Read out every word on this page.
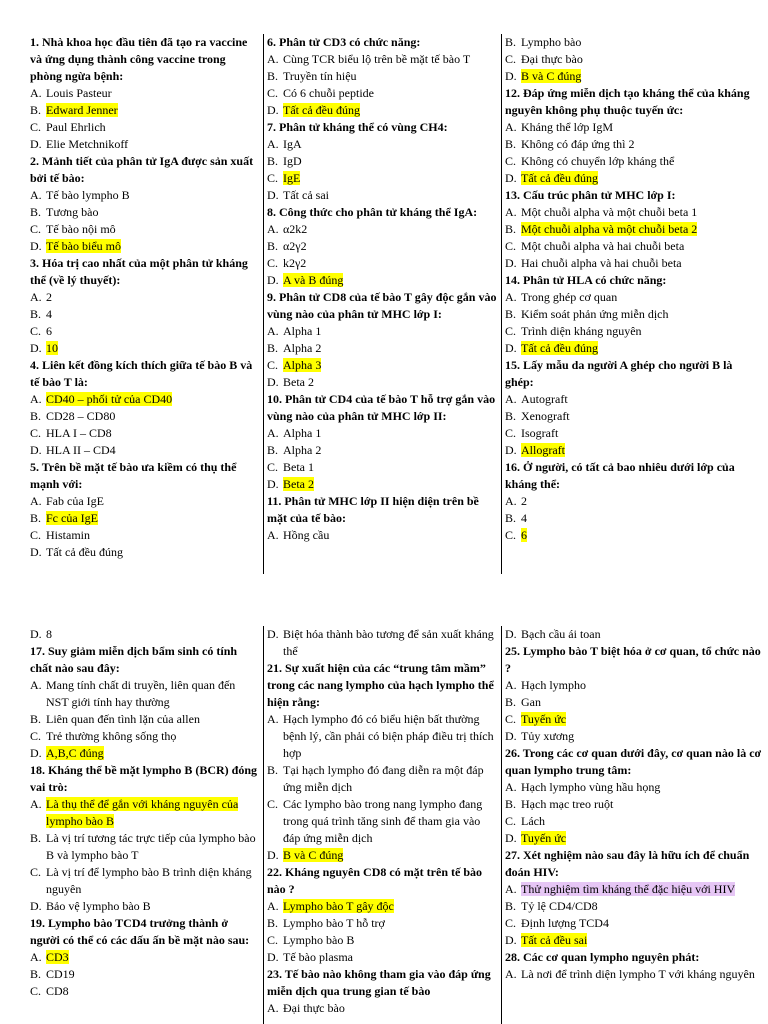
1. Nhà khoa học đầu tiên đã tạo ra vaccine và ứng dụng thành công vaccine trong phòng ngừa bệnh:
A. Louis Pasteur
B. Edward Jenner
C. Paul Ehrlich
D. Elie Metchnikoff
2. Mảnh tiết của phân tử IgA được sản xuất bởi tế bào:
A. Tế bào lympho B
B. Tương bào
C. Tế bào nội mô
D. Tế bào biểu mô
3. Hóa trị cao nhất của một phân tử kháng thể (về lý thuyết):
A. 2
B. 4
C. 6
D. 10
4. Liên kết đồng kích thích giữa tế bào B và tế bào T là:
A. CD40 – phối tử của CD40
B. CD28 – CD80
C. HLA I – CD8
D. HLA II – CD4
5. Trên bề mặt tế bào ưa kiềm có thụ thể mạnh với:
A. Fab của IgE
B. Fc của IgE
C. Histamin
D. Tất cả đều đúng
6. Phân tử CD3 có chức năng:
A. Cùng TCR biểu lộ trên bề mặt tế bào T
B. Truyền tín hiệu
C. Có 6 chuỗi peptide
D. Tất cả đều đúng
7. Phân tử kháng thể có vùng CH4:
A. IgA
B. IgD
C. IgE
D. Tất cả sai
8. Công thức cho phân tử kháng thể IgA:
A. α2k2
B. α2γ2
C. k2γ2
D. A và B đúng
9. Phân tử CD8 của tế bào T gây độc gắn vào vùng nào của phân tử MHC lớp I:
A. Alpha 1
B. Alpha 2
C. Alpha 3
D. Beta 2
10. Phân tử CD4 của tế bào T hỗ trợ gắn vào vùng nào của phân tử MHC lớp II:
A. Alpha 1
B. Alpha 2
C. Beta 1
D. Beta 2
11. Phân tử MHC lớp II hiện diện trên bề mặt của tế bào:
A. Hồng cầu
B. Lympho bào
C. Đại thực bào
D. B và C đúng
12. Đáp ứng miễn dịch tạo kháng thể của kháng nguyên không phụ thuộc tuyến ức:
A. Kháng thể lớp IgM
B. Không có đáp ứng thì 2
C. Không có chuyển lớp kháng thể
D. Tất cả đều đúng
13. Cấu trúc phân tử MHC lớp I:
A. Một chuỗi alpha và một chuỗi beta 1
B. Một chuỗi alpha và một chuỗi beta 2
C. Một chuỗi alpha và hai chuỗi beta
D. Hai chuỗi alpha và hai chuỗi beta
14. Phân tử HLA có chức năng:
A. Trong ghép cơ quan
B. Kiểm soát phản ứng miễn dịch
C. Trình diện kháng nguyên
D. Tất cả đều đúng
15. Lấy mẫu da người A ghép cho người B là ghép:
A. Autograft
B. Xenograft
C. Isograft
D. Allograft
16. Ở người, có tất cả bao nhiêu dưới lớp của kháng thể:
A. 2
B. 4
C. 6
D. 8
17. Suy giảm miễn dịch bẩm sinh có tính chất nào sau đây:
A. Mang tính chất di truyền, liên quan đến NST giới tính hay thường
B. Liên quan đến tình lặn của allen
C. Trẻ thường không sống thọ
D. A,B,C đúng
18. Kháng thể bề mặt lympho B (BCR) đóng vai trò:
A. Là thụ thể để gắn với kháng nguyên của lympho bào B
B. Là vị trí tương tác trực tiếp của lympho bào B và lympho bào T
C. Là vị trí để lympho bào B trình diện kháng nguyên
D. Bảo vệ lympho bào B
19. Lympho bào TCD4 trưởng thành ở người có thể có các dấu ấn bề mặt nào sau:
A. CD3
B. CD19
C. CD8
D. Biệt hóa thành bào tương để sản xuất kháng thể
21. Sự xuất hiện của các “trung tâm mầm” trong các nang lympho của hạch lympho thể hiện rằng:
A. Hạch lympho đó có biểu hiện bất thường bệnh lý, cần phải có biện pháp điều trị thích hợp
B. Tại hạch lympho đó đang diễn ra một đáp ứng miễn dịch
C. Các lympho bào trong nang lympho đang trong quá trình tăng sinh để tham gia vào đáp ứng miễn dịch
D. B và C đúng
22. Kháng nguyên CD8 có mặt trên tế bào nào ?
A. Lympho bào T gây độc
B. Lympho bào T hỗ trợ
C. Lympho bào B
D. Tế bào plasma
23. Tế bào nào không tham gia vào đáp ứng miễn dịch qua trung gian tế bào
A. Đại thực bào
D. Bạch cầu ái toan
25. Lympho bào T biệt hóa ở cơ quan, tổ chức nào ?
A. Hạch lympho
B. Gan
C. Tuyến ức
D. Tủy xương
26. Trong các cơ quan dưới đây, cơ quan nào là cơ quan lympho trung tâm:
A. Hạch lympho vùng hầu họng
B. Hạch mạc treo ruột
C. Lách
D. Tuyến ức
27. Xét nghiệm nào sau đây là hữu ích để chuẩn đoán HIV:
A. Thử nghiệm tìm kháng thể đặc hiệu với HIV
B. Tỷ lệ CD4/CD8
C. Định lượng TCD4
D. Tất cả đều sai
28. Các cơ quan lympho nguyên phát:
A. Là nơi để trình diện lympho T với kháng nguyên
